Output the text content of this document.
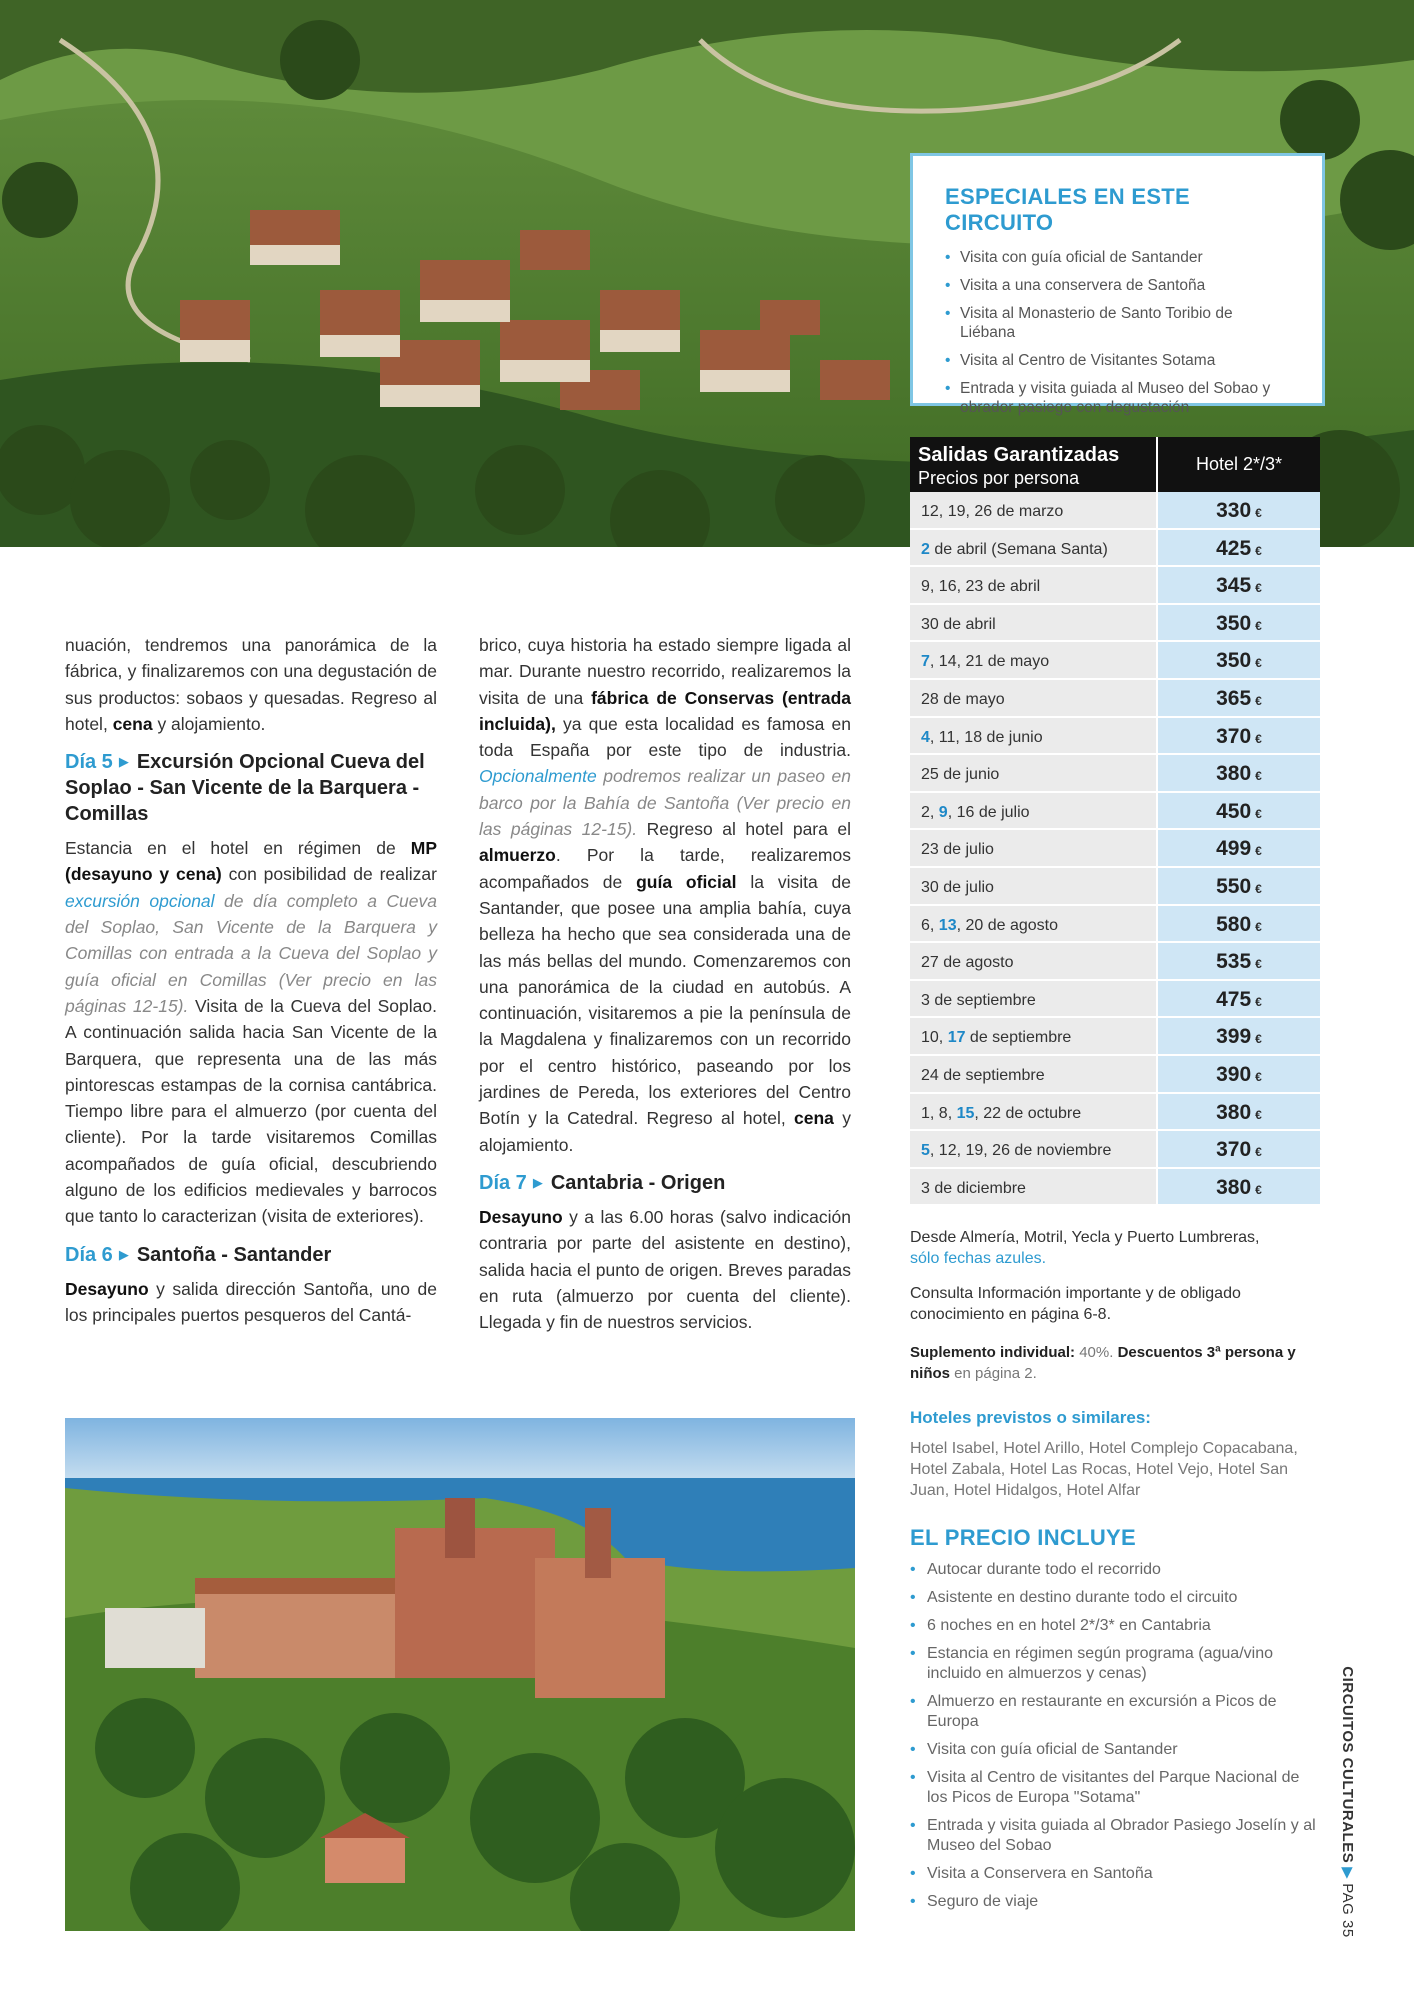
ESPECIALES EN ESTE CIRCUITO
• Visita con guía oficial de Santander
• Visita a una conservera de Santoña
• Visita al Monasterio de Santo Toribio de Liébana
• Visita al Centro de Visitantes Sotama
• Entrada y visita guiada al Museo del Sobao y obrador pasiego con degustación
Salidas Garantizadas
Precios por persona
Hotel 2*/3*
12, 19, 26 de marzo	330 €
2 de abril (Semana Santa)	425 €
9, 16, 23 de abril	345 €
30 de abril	350 €
7, 14, 21 de mayo	350 €
28 de mayo	365 €
4, 11, 18 de junio	370 €
25 de junio	380 €
2, 9, 16 de julio	450 €
23 de julio	499 €
30 de julio	550 €
6, 13, 20 de agosto	580 €
27 de agosto	535 €
3 de septiembre	475 €
10, 17 de septiembre	399 €
24 de septiembre	390 €
1, 8, 15, 22 de octubre	380 €
5, 12, 19, 26 de noviembre	370 €
3 de diciembre	380 €
Desde Almería, Motril, Yecla y Puerto Lumbreras,
sólo fechas azules.
Consulta Información importante y de obligado conocimiento en página 6-8.
Suplemento individual: 40%. Descuentos 3ª persona y niños en página 2.
Hoteles previstos o similares:
Hotel Isabel, Hotel Arillo, Hotel Complejo Copacabana, Hotel Zabala, Hotel Las Rocas, Hotel Vejo, Hotel San Juan, Hotel Hidalgos, Hotel Alfar
EL PRECIO INCLUYE
• Autocar durante todo el recorrido
• Asistente en destino durante todo el circuito
• 6 noches en en hotel 2*/3* en Cantabria
• Estancia en régimen según programa (agua/vino incluido en almuerzos y cenas)
• Almuerzo en restaurante en excursión a Picos de Europa
• Visita con guía oficial de Santander
• Visita al Centro de visitantes del Parque Nacional de los Picos de Europa "Sotama"
• Entrada y visita guiada al Obrador Pasiego Joselín y al Museo del Sobao
• Visita a Conservera en Santoña
• Seguro de viaje

nuación, tendremos una panorámica de la fábrica, y finalizaremos con una degustación de sus productos: sobaos y quesadas. Regreso al hotel, cena y alojamiento.

Día 5 ▶ Excursión Opcional Cueva del Soplao - San Vicente de la Barquera - Comillas

Estancia en el hotel en régimen de MP (desayuno y cena) con posibilidad de realizar excursión opcional de día completo a Cueva del Soplao, San Vicente de la Barquera y Comillas con entrada a la Cueva del Soplao y guía oficial en Comillas (Ver precio en las páginas 12-15). Visita de la Cueva del Soplao. A continuación salida hacia San Vicente de la Barquera, que representa una de las más pintorescas estampas de la cornisa cantábrica. Tiempo libre para el almuerzo (por cuenta del cliente). Por la tarde visitaremos Comillas acompañados de guía oficial, descubriendo alguno de los edificios medievales y barrocos que tanto lo caracterizan (visita de exteriores).

Día 6 ▶ Santoña - Santander

Desayuno y salida dirección Santoña, uno de los principales puertos pesqueros del Cantá-

brico, cuya historia ha estado siempre ligada al mar. Durante nuestro recorrido, realizaremos la visita de una fábrica de Conservas (entrada incluida), ya que esta localidad es famosa en toda España por este tipo de industria. Opcionalmente podremos realizar un paseo en barco por la Bahía de Santoña (Ver precio en las páginas 12-15). Regreso al hotel para el almuerzo. Por la tarde, realizaremos acompañados de guía oficial la visita de Santander, que posee una amplia bahía, cuya belleza ha hecho que sea considerada una de las más bellas del mundo. Comenzaremos con una panorámica de la ciudad en autobús. A continuación, visitaremos a pie la península de la Magdalena y finalizaremos con un recorrido por el centro histórico, paseando por los jardines de Pereda, los exteriores del Centro Botín y la Catedral. Regreso al hotel, cena y alojamiento.

Día 7 ▶ Cantabria - Origen

Desayuno y a las 6.00 horas (salvo indicación contraria por parte del asistente en destino), salida hacia el punto de origen. Breves paradas en ruta (almuerzo por cuenta del cliente). Llegada y fin de nuestros servicios.

CIRCUITOS CULTURALES▶PAG 35
